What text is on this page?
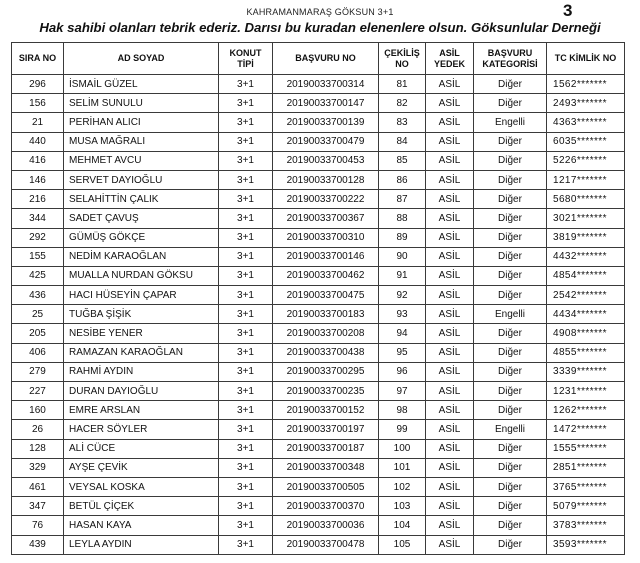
KAHRAMANMARAŞ GÖKSUN 3+1	3
Hak sahibi olanları tebrik ederiz. Darısı bu kuradan elenenlere olsun. Göksunlular Derneği
SIRA NO	AD SOYAD	KONUT TİPİ	BAŞVURU NO	ÇEKİLİŞ NO	ASİL YEDEK	BAŞVURU KATEGORİSİ	TC KİMLİK NO
296	İSMAİL GÜZEL	3+1	20190033700314	81	ASİL	Diğer	1562*******
156	SELİM SUNULU	3+1	20190033700147	82	ASİL	Diğer	2493*******
21	PERİHAN ALICI	3+1	20190033700139	83	ASİL	Engelli	4363*******
440	MUSA MAĞRALI	3+1	20190033700479	84	ASİL	Diğer	6035*******
416	MEHMET AVCU	3+1	20190033700453	85	ASİL	Diğer	5226*******
146	SERVET DAYIOĞLU	3+1	20190033700128	86	ASİL	Diğer	1217*******
216	SELAHİTTİN ÇALIK	3+1	20190033700222	87	ASİL	Diğer	5680*******
344	SADET ÇAVUŞ	3+1	20190033700367	88	ASİL	Diğer	3021*******
292	GÜMÜŞ GÖKÇE	3+1	20190033700310	89	ASİL	Diğer	3819*******
155	NEDİM KARAOĞLAN	3+1	20190033700146	90	ASİL	Diğer	4432*******
425	MUALLA NURDAN GÖKSU	3+1	20190033700462	91	ASİL	Diğer	4854*******
436	HACI HÜSEYİN ÇAPAR	3+1	20190033700475	92	ASİL	Diğer	2542*******
25	TUĞBA ŞİŞİK	3+1	20190033700183	93	ASİL	Engelli	4434*******
205	NESİBE YENER	3+1	20190033700208	94	ASİL	Diğer	4908*******
406	RAMAZAN KARAOĞLAN	3+1	20190033700438	95	ASİL	Diğer	4855*******
279	RAHMİ AYDIN	3+1	20190033700295	96	ASİL	Diğer	3339*******
227	DURAN DAYIOĞLU	3+1	20190033700235	97	ASİL	Diğer	1231*******
160	EMRE ARSLAN	3+1	20190033700152	98	ASİL	Diğer	1262*******
26	HACER SÖYLER	3+1	20190033700197	99	ASİL	Engelli	1472*******
128	ALİ CÜCE	3+1	20190033700187	100	ASİL	Diğer	1555*******
329	AYŞE ÇEVİK	3+1	20190033700348	101	ASİL	Diğer	2851*******
461	VEYSAL KOSKA	3+1	20190033700505	102	ASİL	Diğer	3765*******
347	BETÜL ÇİÇEK	3+1	20190033700370	103	ASİL	Diğer	5079*******
76	HASAN KAYA	3+1	20190033700036	104	ASİL	Diğer	3783*******
439	LEYLA AYDIN	3+1	20190033700478	105	ASİL	Diğer	3593*******
